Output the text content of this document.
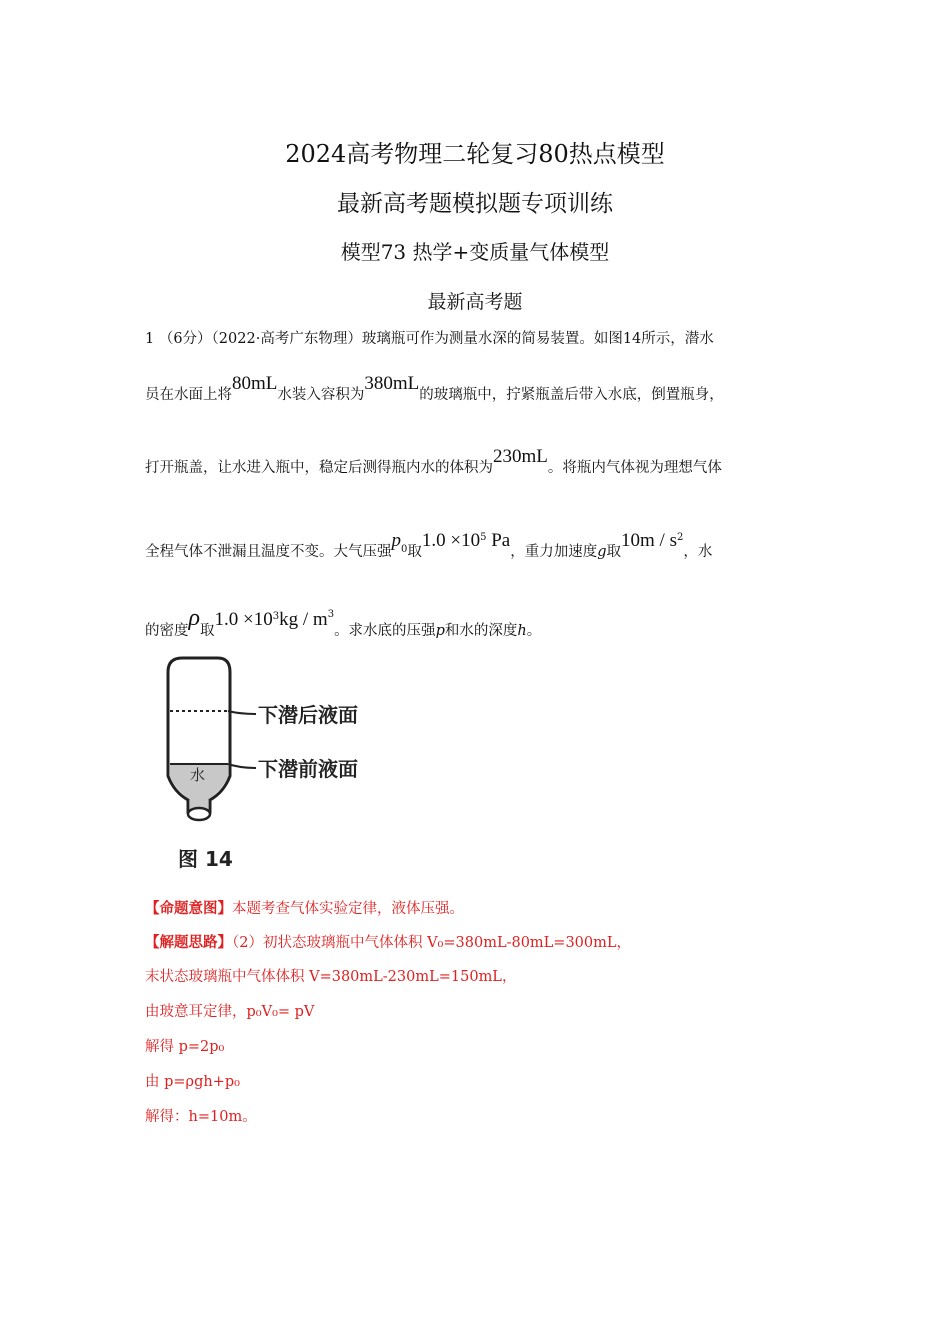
2024高考物理二轮复习80热点模型
最新高考题模拟题专项训练
模型73 热学+变质量气体模型
最新高考题
1 （6分）（2022·高考广东物理）玻璃瓶可作为测量水深的简易装置。如图14所示，潜水
员在水面上将80mL水装入容积为380mL的玻璃瓶中，拧紧瓶盖后带入水底，倒置瓶身，
打开瓶盖，让水进入瓶中，稳定后测得瓶内水的体积为230mL。将瓶内气体视为理想气体
全程气体不泄漏且温度不变。大气压强$p_0$取$1.0 \times 10^5$ Pa，重力加速度g取$10m / s^2$，水
的密度ρ取$1.0 \times 10^3kg / m^3$。求水底的压强p和水的深度h。
水
下潜后液面
下潜前液面
图 14
【命题意图】本题考查气体实验定律，液体压强。
【解题思路】（2）初状态玻璃瓶中气体体积 V₀=380mL-80mL=300mL，
末状态玻璃瓶中气体体积 V=380mL-230mL=150mL，
由玻意耳定律，p₀V₀= pV
解得 p=2p₀
由 p=ρgh+p₀
解得：h=10m。
